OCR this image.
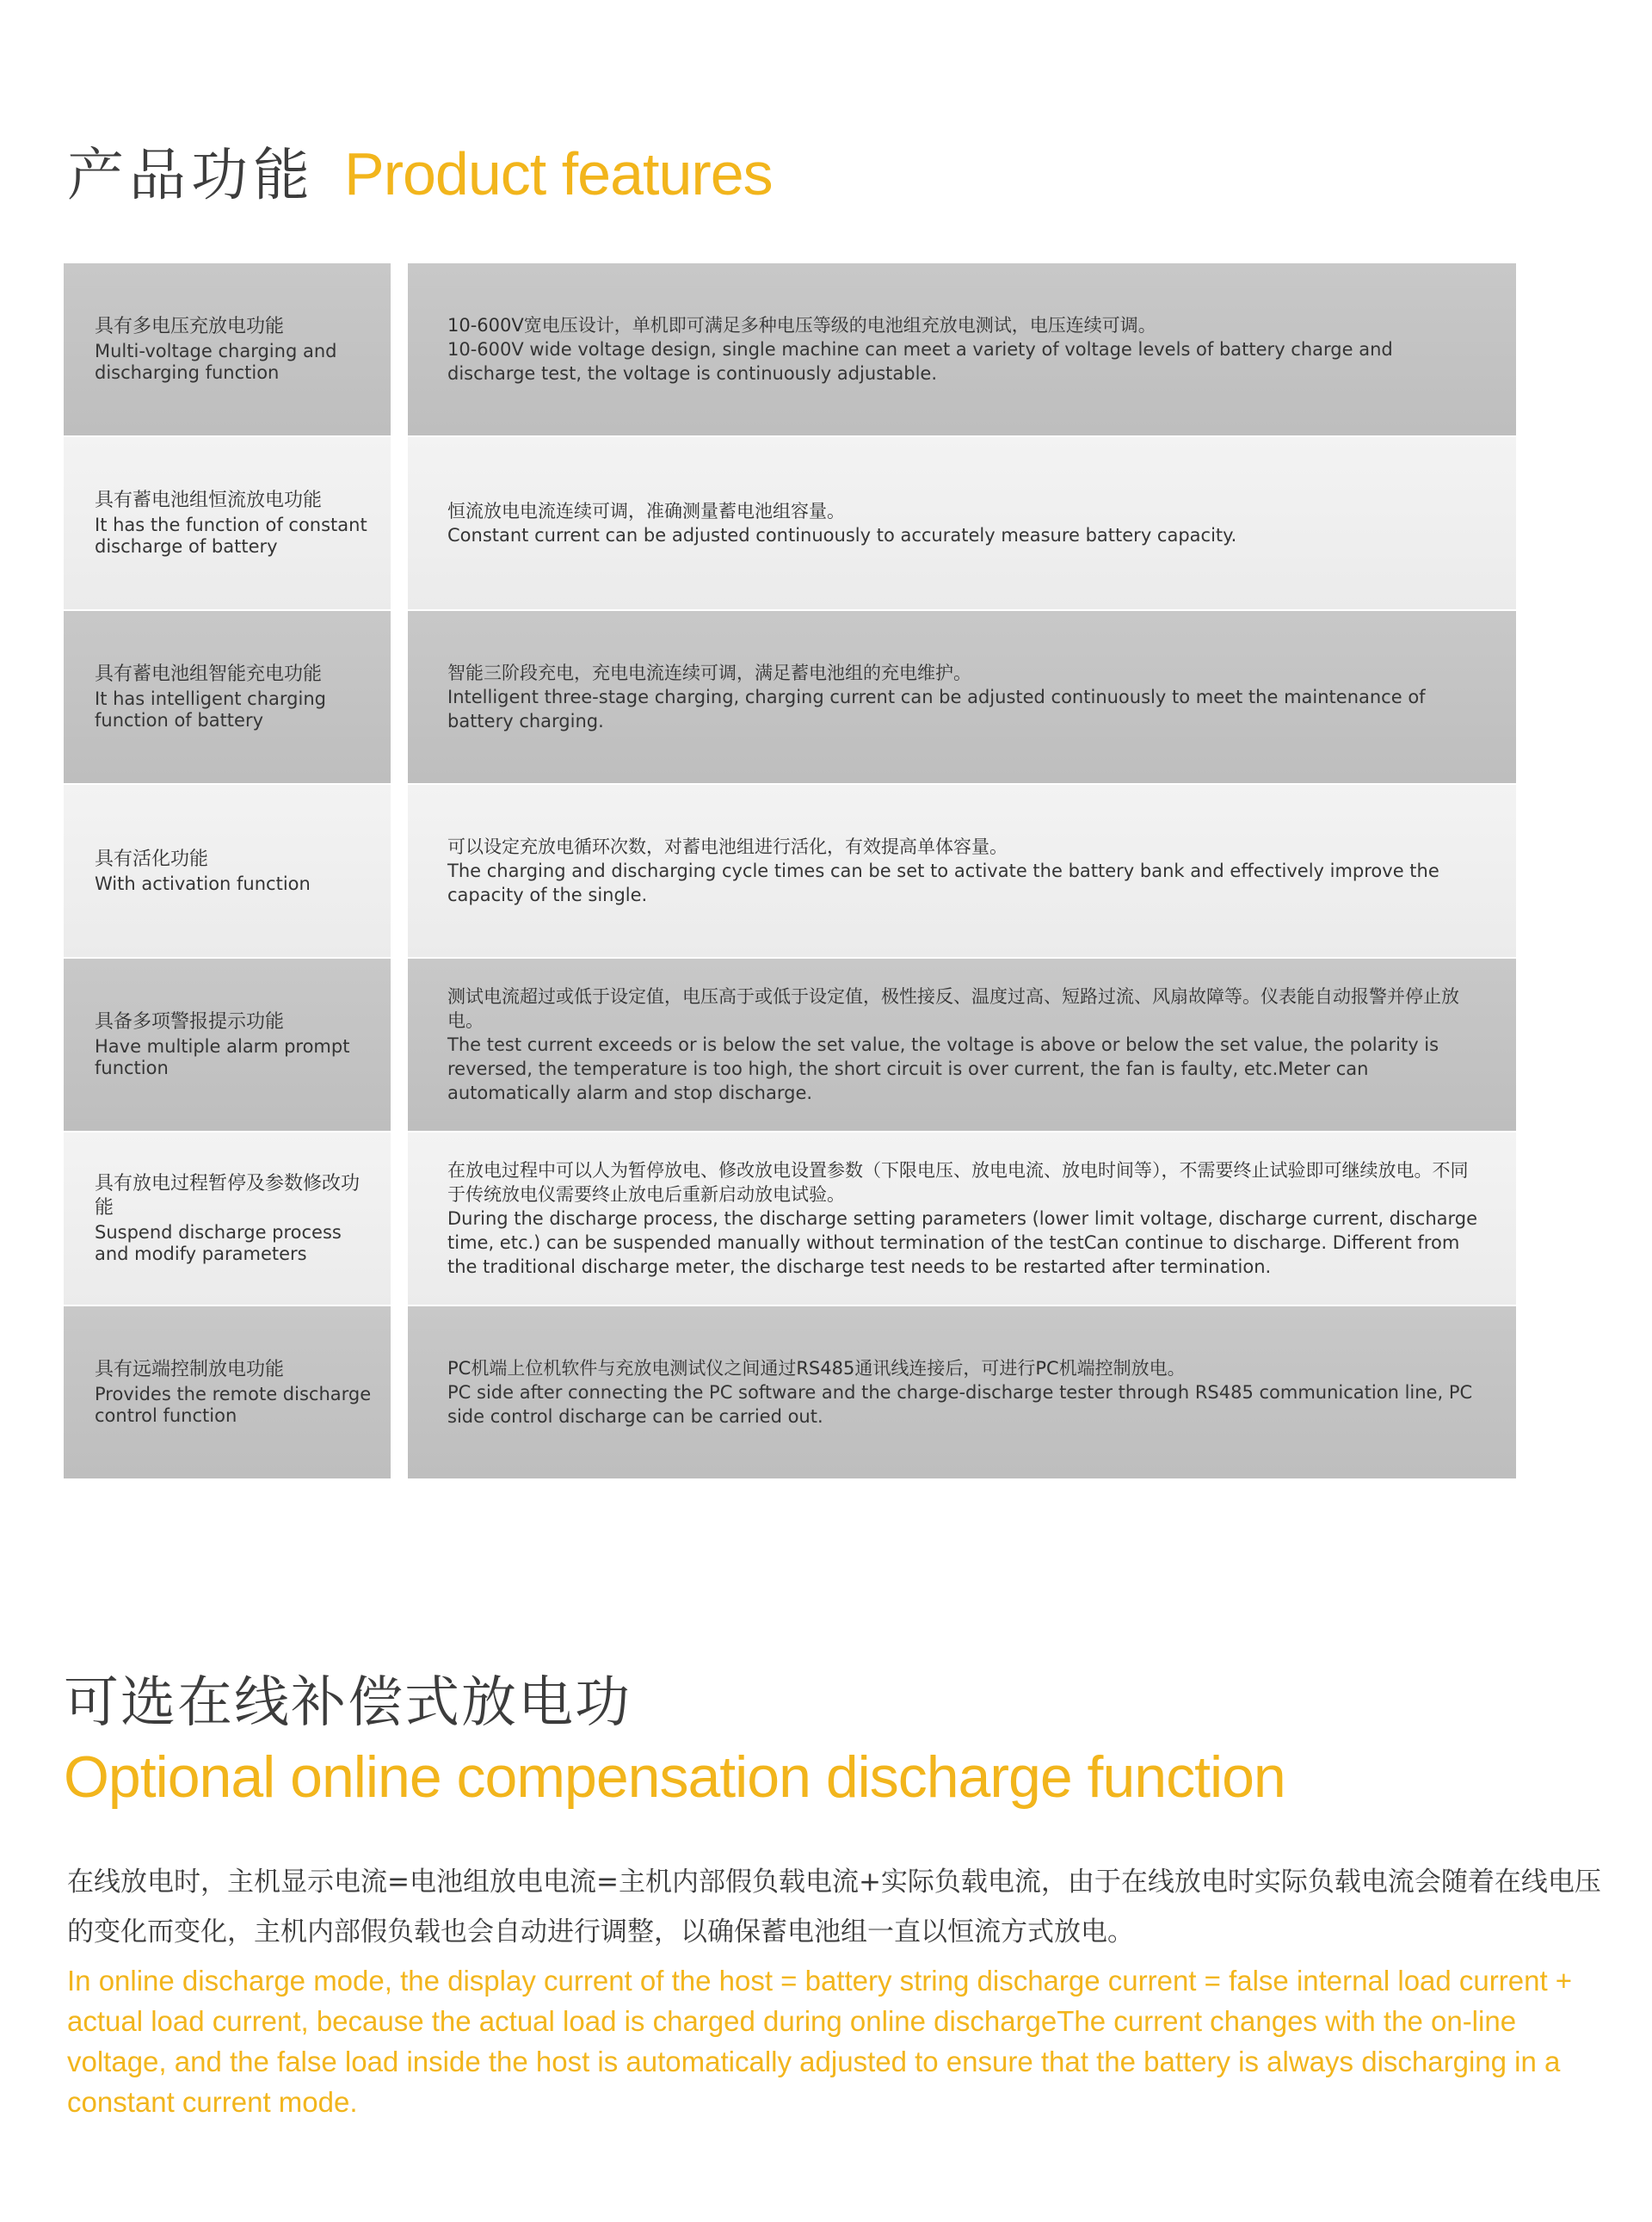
产品功能 Product features
具有多电压充放电功能
Multi-voltage charging and discharging function
10-600V宽电压设计，单机即可满足多种电压等级的电池组充放电测试，电压连续可调。
10-600V wide voltage design, single machine can meet a variety of voltage levels of battery charge and discharge test, the voltage is continuously adjustable.
具有蓄电池组恒流放电功能
It has the function of constant discharge of battery
恒流放电电流连续可调，准确测量蓄电池组容量。
Constant current can be adjusted continuously to accurately measure battery capacity.
具有蓄电池组智能充电功能
It has intelligent charging function of battery
智能三阶段充电，充电电流连续可调，满足蓄电池组的充电维护。
Intelligent three-stage charging, charging current can be adjusted continuously to meet the maintenance of battery charging.
具有活化功能
With activation function
可以设定充放电循环次数，对蓄电池组进行活化，有效提高单体容量。
The charging and discharging cycle times can be set to activate the battery bank and effectively improve the capacity of the single.
具备多项警报提示功能
Have multiple alarm prompt function
测试电流超过或低于设定值，电压高于或低于设定值，极性接反、温度过高、短路过流、风扇故障等。仪表能自动报警并停止放电。
The test current exceeds or is below the set value, the voltage is above or below the set value, the polarity is reversed, the temperature is too high, the short circuit is over current, the fan is faulty, etc.Meter can automatically alarm and stop discharge.
具有放电过程暂停及参数修改功能
Suspend discharge process and modify parameters
在放电过程中可以人为暂停放电、修改放电设置参数（下限电压、放电电流、放电时间等），不需要终止试验即可继续放电。不同于传统放电仪需要终止放电后重新启动放电试验。
During the discharge process, the discharge setting parameters (lower limit voltage, discharge current, discharge time, etc.) can be suspended manually without termination of the testCan continue to discharge. Different from the traditional discharge meter, the discharge test needs to be restarted after termination.
具有远端控制放电功能
Provides the remote discharge control function
PC机端上位机软件与充放电测试仪之间通过RS485通讯线连接后，可进行PC机端控制放电。
PC side after connecting the PC software and the charge-discharge tester through RS485 communication line, PC side control discharge can be carried out.
可选在线补偿式放电功
Optional online compensation discharge function
在线放电时，主机显示电流=电池组放电电流=主机内部假负载电流+实际负载电流，由于在线放电时实际负载电流会随着在线电压的变化而变化，主机内部假负载也会自动进行调整，以确保蓄电池组一直以恒流方式放电。
In online discharge mode, the display current of the host = battery string discharge current = false internal load current + actual load current, because the actual load is charged during online dischargeThe current changes with the on-line voltage, and the false load inside the host is automatically adjusted to ensure that the battery is always discharging in a constant current mode.
